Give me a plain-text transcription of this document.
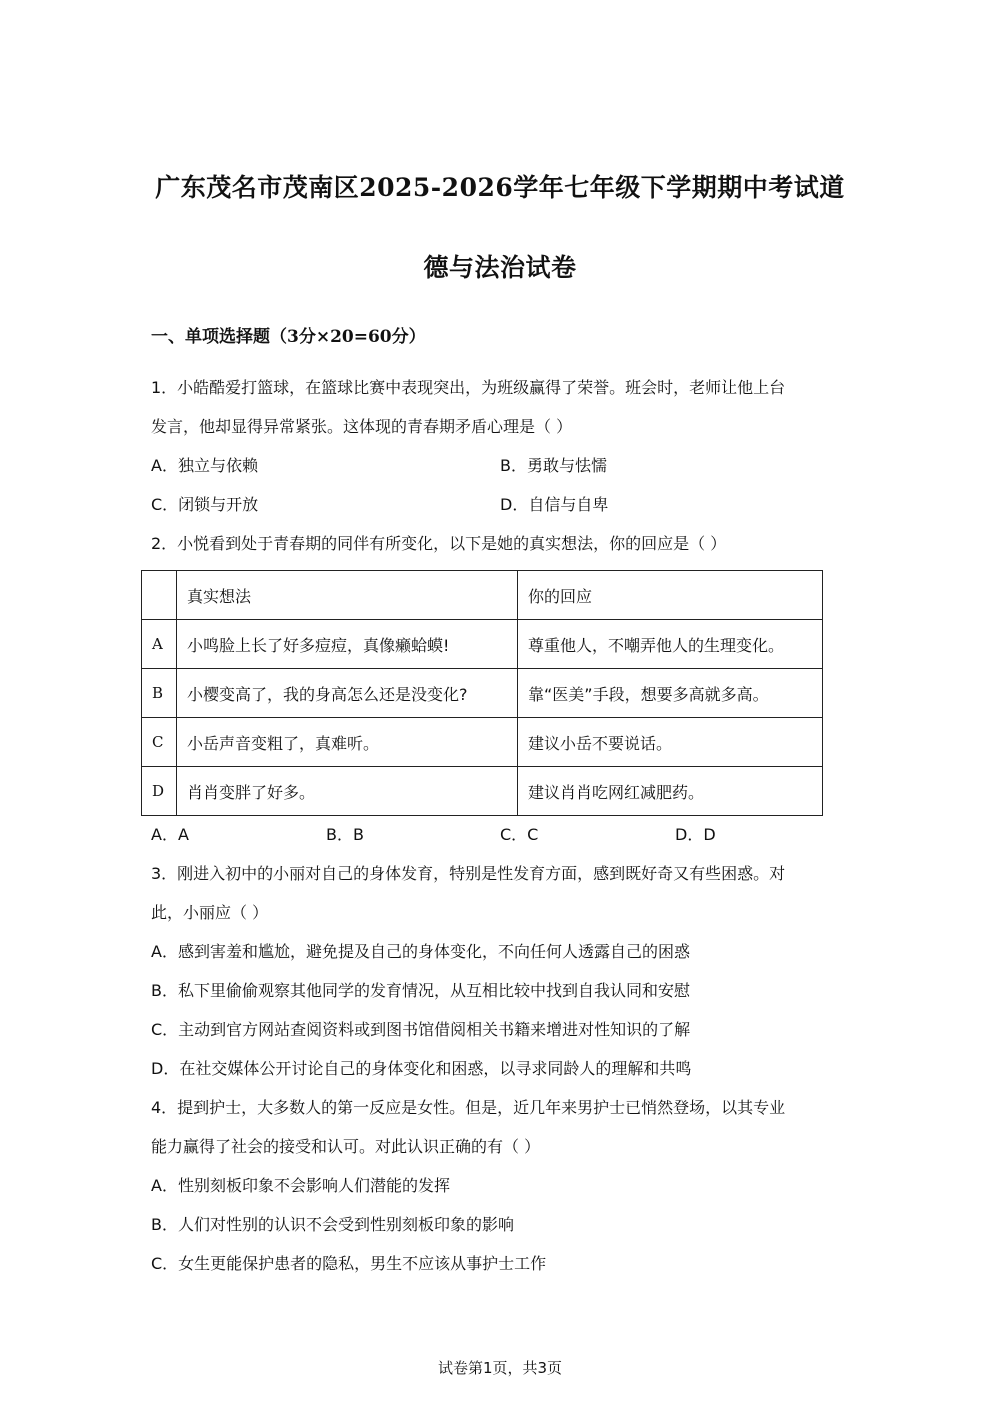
广东茂名市茂南区2025-2026学年七年级下学期期中考试道
德与法治试卷
一、单项选择题（3分×20=60分）
1．小皓酷爱打篮球，在篮球比赛中表现突出，为班级赢得了荣誉。班会时，老师让他上台
发言，他却显得异常紧张。这体现的青春期矛盾心理是（ ）
A．独立与依赖	B．勇敢与怯懦
C．闭锁与开放	D．自信与自卑
2．小悦看到处于青春期的同伴有所变化，以下是她的真实想法，你的回应是（ ）
	真实想法	你的回应
A	小鸣脸上长了好多痘痘，真像癞蛤蟆!	尊重他人，不嘲弄他人的生理变化。
B	小樱变高了，我的身高怎么还是没变化?	靠“医美”手段，想要多高就多高。
C	小岳声音变粗了，真难听。	建议小岳不要说话。
D	肖肖变胖了好多。	建议肖肖吃网红减肥药。
A．A	B．B	C．C	D．D
3．刚进入初中的小丽对自己的身体发育，特别是性发育方面，感到既好奇又有些困惑。对
此，小丽应（ ）
A．感到害羞和尴尬，避免提及自己的身体变化，不向任何人透露自己的困惑
B．私下里偷偷观察其他同学的发育情况，从互相比较中找到自我认同和安慰
C．主动到官方网站查阅资料或到图书馆借阅相关书籍来增进对性知识的了解
D．在社交媒体公开讨论自己的身体变化和困惑，以寻求同龄人的理解和共鸣
4．提到护士，大多数人的第一反应是女性。但是，近几年来男护士已悄然登场，以其专业
能力赢得了社会的接受和认可。对此认识正确的有（ ）
A．性别刻板印象不会影响人们潜能的发挥
B．人们对性别的认识不会受到性别刻板印象的影响
C．女生更能保护患者的隐私，男生不应该从事护士工作
试卷第1页，共3页
